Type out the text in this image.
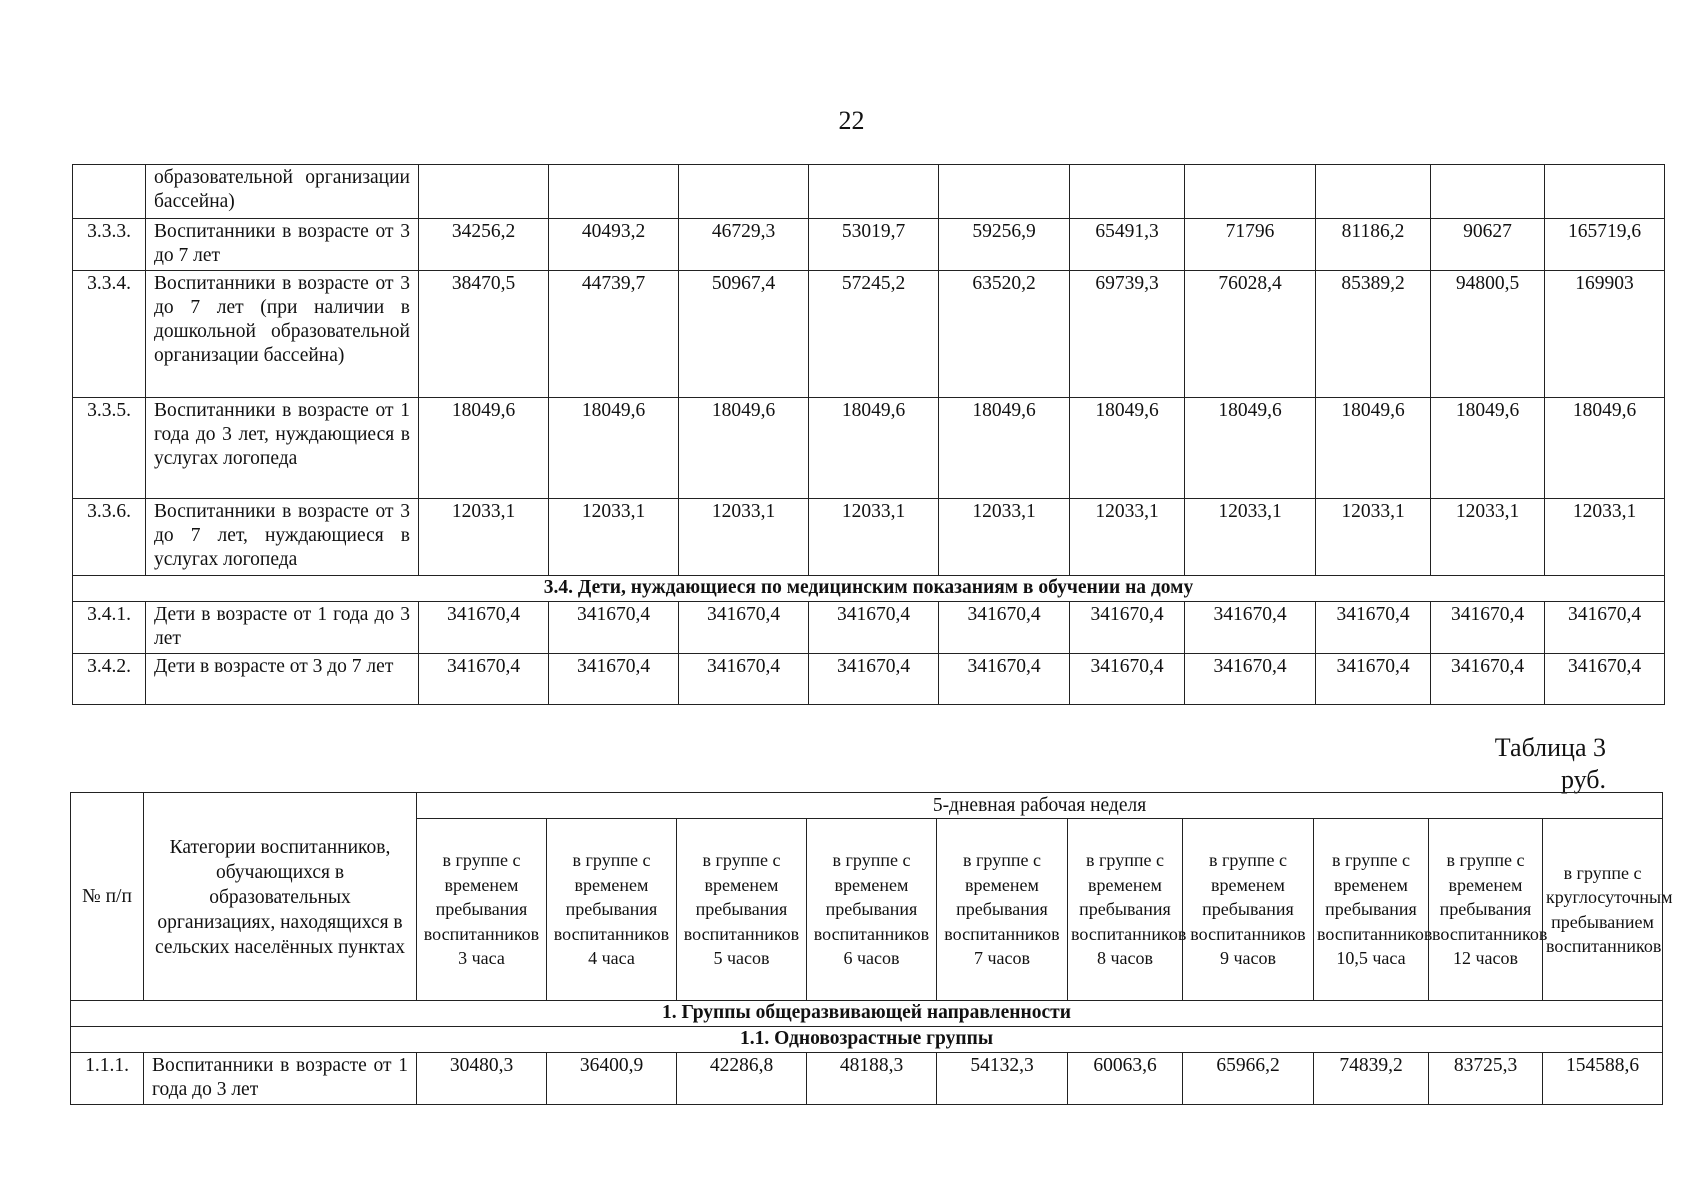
22
	образовательной организации бассейна)										
3.3.3.	Воспитанники в возрасте от 3 до 7 лет	34256,2	40493,2	46729,3	53019,7	59256,9	65491,3	71796	81186,2	90627	165719,6
3.3.4.	Воспитанники в возрасте от 3 до 7 лет (при наличии в дошкольной образовательной организации бассейна)	38470,5	44739,7	50967,4	57245,2	63520,2	69739,3	76028,4	85389,2	94800,5	169903
3.3.5.	Воспитанники в возрасте от 1 года до 3 лет, нуждающиеся в услугах логопеда	18049,6	18049,6	18049,6	18049,6	18049,6	18049,6	18049,6	18049,6	18049,6	18049,6
3.3.6.	Воспитанники в возрасте от 3 до 7 лет, нуждающиеся в услугах логопеда	12033,1	12033,1	12033,1	12033,1	12033,1	12033,1	12033,1	12033,1	12033,1	12033,1
3.4. Дети, нуждающиеся по медицинским показаниям в обучении на дому											
3.4.1.	Дети в возрасте от 1 года до 3 лет	341670,4	341670,4	341670,4	341670,4	341670,4	341670,4	341670,4	341670,4	341670,4	341670,4
3.4.2.	Дети в возрасте от 3 до 7 лет	341670,4	341670,4	341670,4	341670,4	341670,4	341670,4	341670,4	341670,4	341670,4	341670,4
Таблица 3
руб.
№ п/п	Категории воспитанников, обучающихся в образовательных организациях, находящихся в сельских населённых пунктах	5-дневная рабочая неделя									
		в группе с временем пребывания воспитанников 3 часа	в группе с временем пребывания воспитанников 4 часа	в группе с временем пребывания воспитанников 5 часов	в группе с временем пребывания воспитанников 6 часов	в группе с временем пребывания воспитанников 7 часов	в группе с временем пребывания воспитанников 8 часов	в группе с временем пребывания воспитанников 9 часов	в группе с временем пребывания воспитанников 10,5 часа	в группе с временем пребывания воспитанников 12 часов	в группе с круглосуточным пребыванием воспитанников
1. Группы общеразвивающей направленности											
1.1. Одновозрастные группы											
1.1.1.	Воспитанники в возрасте от 1 года до 3 лет	30480,3	36400,9	42286,8	48188,3	54132,3	60063,6	65966,2	74839,2	83725,3	154588,6
